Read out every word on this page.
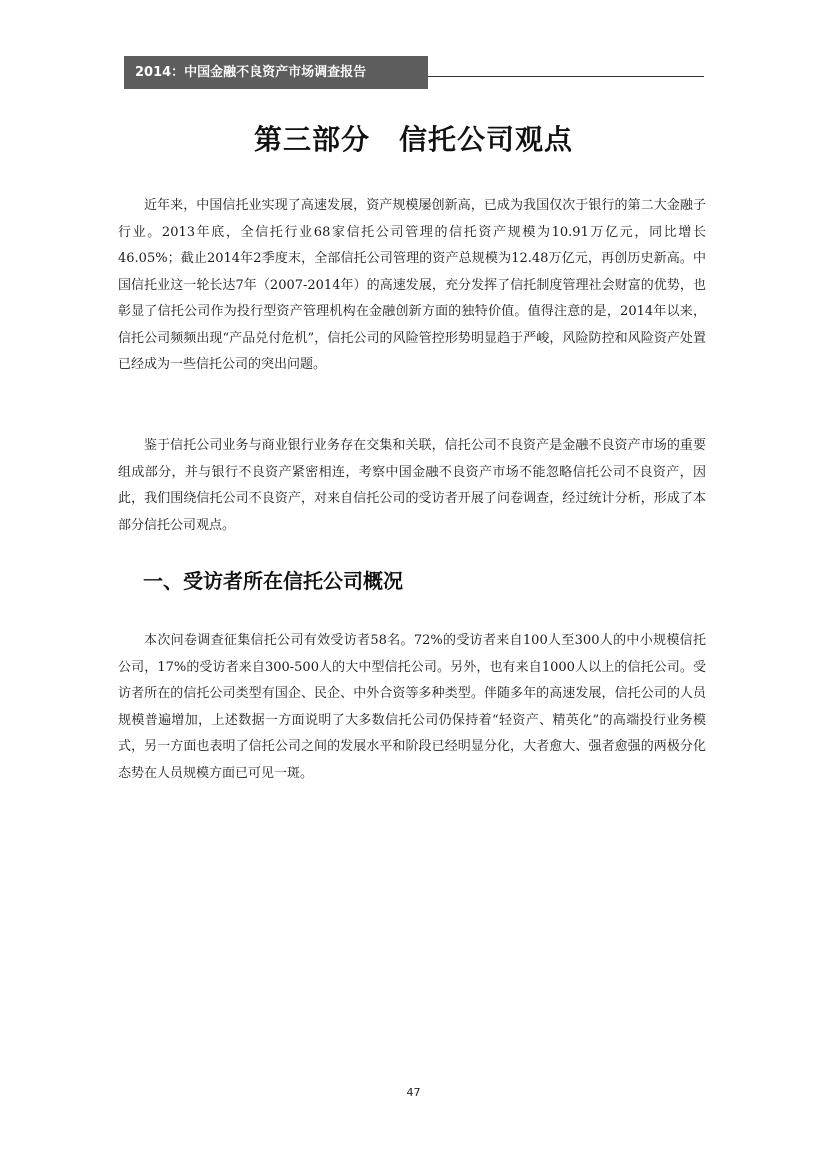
2014：中国金融不良资产市场调查报告
第三部分　信托公司观点

近年来，中国信托业实现了高速发展，资产规模屡创新高，已成为我国仅次于银行的第二大金融子行业。2013年底，全信托行业68家信托公司管理的信托资产规模为10.91万亿元，同比增长46.05%；截止2014年2季度末，全部信托公司管理的资产总规模为12.48万亿元，再创历史新高。中国信托业这一轮长达7年（2007-2014年）的高速发展，充分发挥了信托制度管理社会财富的优势，也彰显了信托公司作为投行型资产管理机构在金融创新方面的独特价值。值得注意的是，2014年以来，信托公司频频出现“产品兑付危机”，信托公司的风险管控形势明显趋于严峻，风险防控和风险资产处置已经成为一些信托公司的突出问题。

鉴于信托公司业务与商业银行业务存在交集和关联，信托公司不良资产是金融不良资产市场的重要组成部分，并与银行不良资产紧密相连，考察中国金融不良资产市场不能忽略信托公司不良资产，因此，我们围绕信托公司不良资产，对来自信托公司的受访者开展了问卷调查，经过统计分析，形成了本部分信托公司观点。

一、受访者所在信托公司概况

本次问卷调查征集信托公司有效受访者58名。72%的受访者来自100人至300人的中小规模信托公司，17%的受访者来自300-500人的大中型信托公司。另外，也有来自1000人以上的信托公司。受访者所在的信托公司类型有国企、民企、中外合资等多种类型。伴随多年的高速发展，信托公司的人员规模普遍增加，上述数据一方面说明了大多数信托公司仍保持着“轻资产、精英化”的高端投行业务模式，另一方面也表明了信托公司之间的发展水平和阶段已经明显分化，大者愈大、强者愈强的两极分化态势在人员规模方面已可见一斑。

47
